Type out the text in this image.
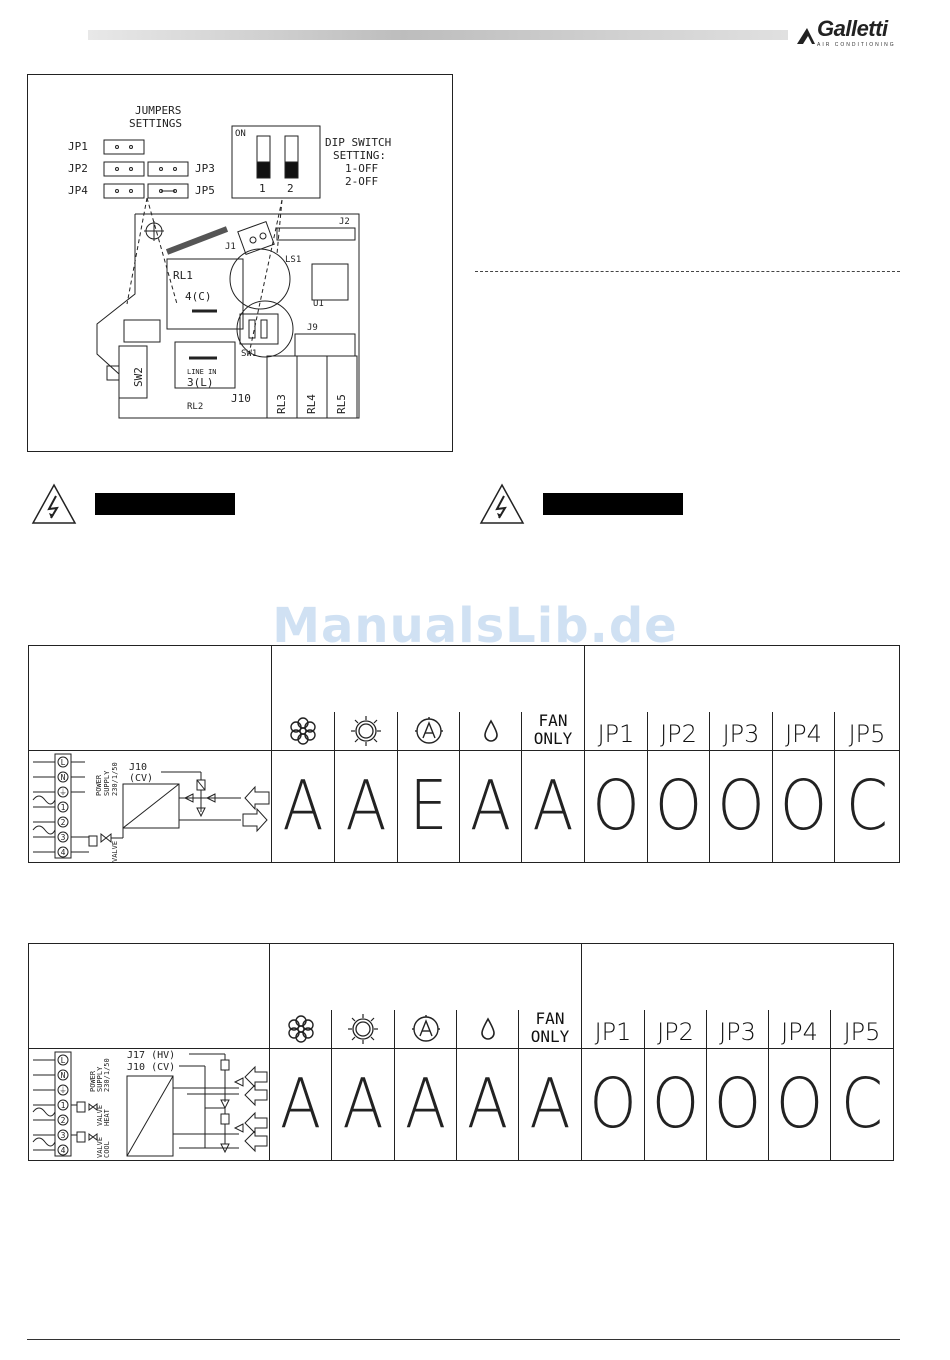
Galletti
AIR CONDITIONING
JUMPERS
SETTINGS
JP1
JP2	JP3
JP4	JP5
ON
1 2
DIP SWITCH
SETTING:
1-OFF
2-OFF
J1
J2
LS1
U1
RL1
4(C)
SW1
J9
SW2	LINE IN
3(L)
RL2
J10 RL3 RL4 RL5
ManualsLib.de
FAN
ONLY	JP1	JP2	JP3	JP4	JP5
A A E A A O O O O C
L
N
⏚
1
2
3
4
POWER SUPPLY 230/1/50
VALVE
J10
(CV)
FAN
ONLY	JP1	JP2	JP3	JP4	JP5
A A A A A O O O O C
L
N
⏚
1
2
3
4
POWER SUPPLY 230/1/50
VALVE HEAT
VALVE COOL
J17 (HV)
J10 (CV)
